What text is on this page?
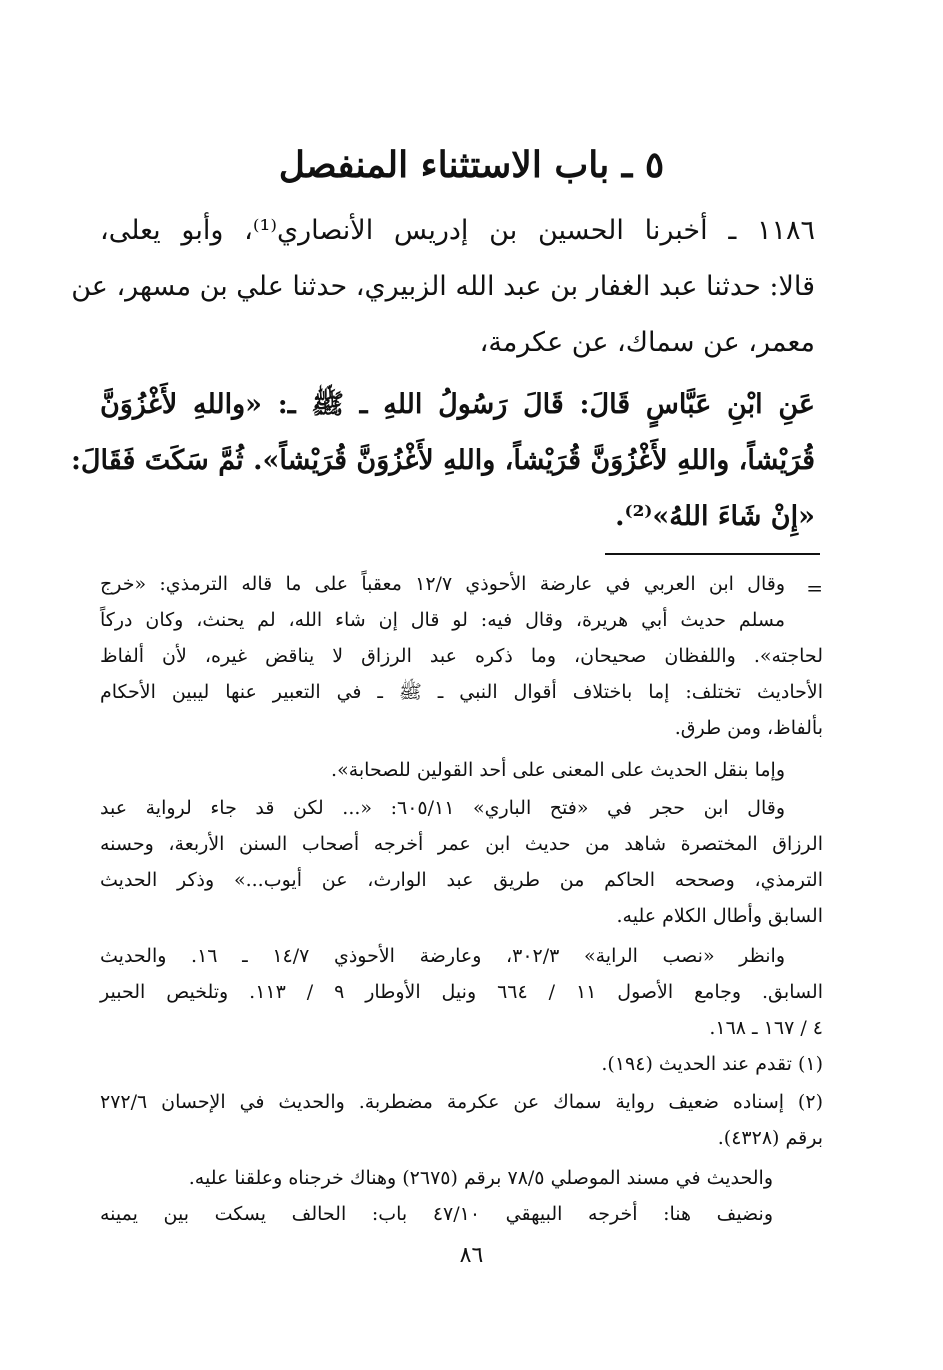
٥ ـ باب الاستثناء المنفصل
١١٨٦ ـ أخبرنا الحسين بن إدريس الأنصاري⁽¹⁾، وأبو يعلى،
قالا: حدثنا عبد الغفار بن عبد الله الزبيري، حدثنا علي بن مسهر، عن
معمر، عن سماك، عن عكرمة،
عَنِ ابْنِ عَبَّاسٍ قَالَ: قَالَ رَسُولُ اللهِ ـ ﷺ ـ: «واللهِ لأَغْزُوَنَّ
قُرَيْشاً، واللهِ لأَغْزُوَنَّ قُرَيْشاً، واللهِ لأَغْزُوَنَّ قُرَيْشاً». ثُمَّ سَكَتَ فَقَالَ:
«إِنْ شَاءَ اللهُ»⁽²⁾.
=
وقال ابن العربي في عارضة الأحوذي ١٢/٧ معقباً على ما قاله الترمذي: «خرج
مسلم حديث أبي هريرة، وقال فيه: لو قال إن شاء الله، لم يحنث، وكان دركاً
لحاجته». واللفظان صحيحان، وما ذكره عبد الرزاق لا يناقض غيره، لأن ألفاظ
الأحاديث تختلف: إما باختلاف أقوال النبي ـ ﷺ ـ في التعبير عنها ليبين الأحكام
بألفاظ، ومن طرق.
وإما بنقل الحديث على المعنى على أحد القولين للصحابة».
وقال ابن حجر في «فتح الباري» ٦٠٥/١١: «... لكن قد جاء لرواية عبد
الرزاق المختصرة شاهد من حديث ابن عمر أخرجه أصحاب السنن الأربعة، وحسنه
الترمذي، وصححه الحاكم من طريق عبد الوارث، عن أيوب...» وذكر الحديث
السابق وأطال الكلام عليه.
وانظر «نصب الراية» ٣٠٢/٣، وعارضة الأحوذي ١٤/٧ ـ ١٦. والحديث
السابق. وجامع الأصول ١١ / ٦٦٤ ونيل الأوطار ٩ / ١١٣. وتلخيص الحبير
٤ / ١٦٧ ـ ١٦٨.
(١) تقدم عند الحديث (١٩٤).
(٢) إسناده ضعيف رواية سماك عن عكرمة مضطربة. والحديث في الإحسان ٢٧٢/٦
برقم (٤٣٢٨).
والحديث في مسند الموصلي ٧٨/٥ برقم (٢٦٧٥) وهناك خرجناه وعلقنا عليه.
ونضيف هنا: أخرجه البيهقي ٤٧/١٠ باب: الحالف يسكت بين يمينه
٨٦
